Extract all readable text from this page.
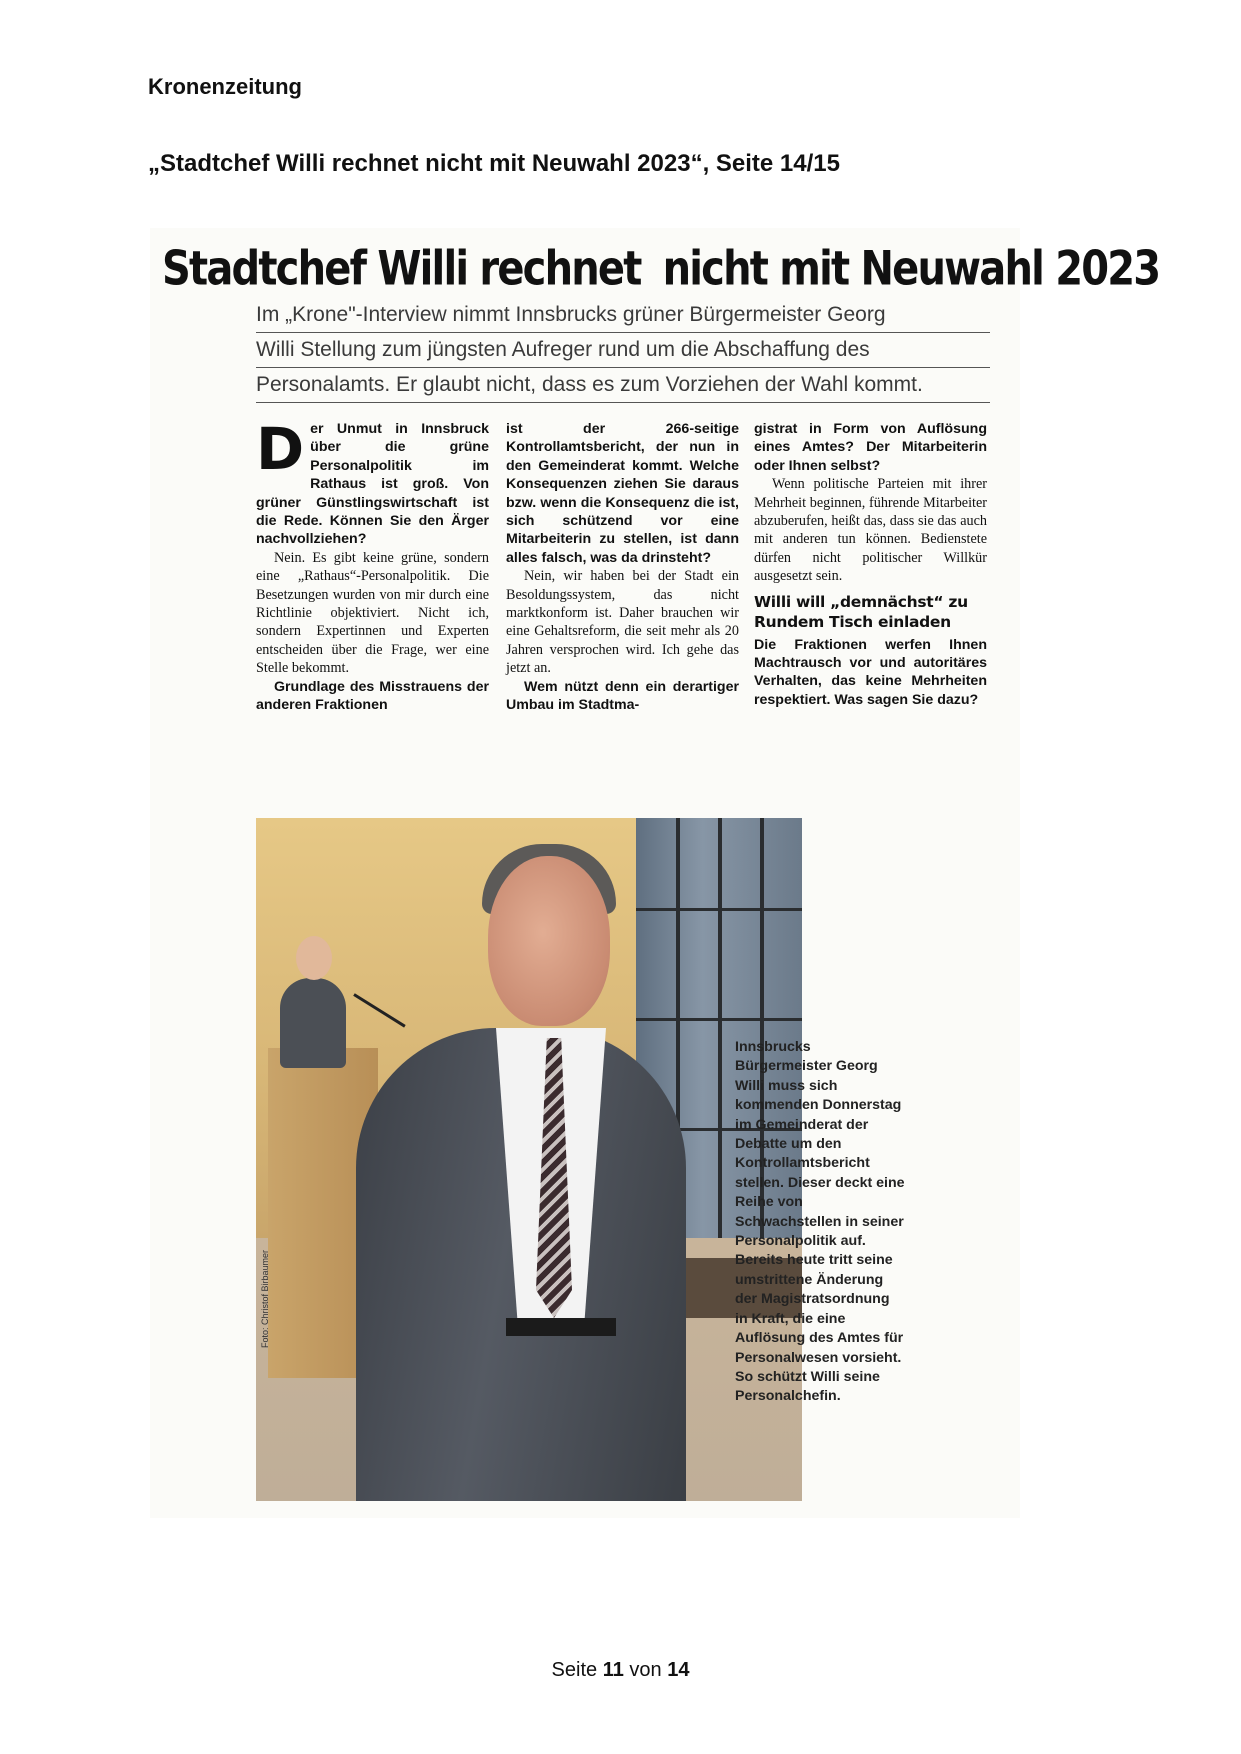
Kronenzeitung
„Stadtchef Willi rechnet nicht mit Neuwahl 2023“, Seite 14/15
Stadtchef Willi rechnet nicht mit Neuwahl 2023
Im „Krone"-Interview nimmt Innsbrucks grüner Bürgermeister Georg
Willi Stellung zum jüngsten Aufreger rund um die Abschaffung des
Personalamts. Er glaubt nicht, dass es zum Vorziehen der Wahl kommt.
D er Unmut in Innsbruck über die grüne Personalpolitik im Rathaus ist groß. Von grüner Günstlingswirtschaft ist die Rede. Können Sie den Ärger nachvollziehen?

Nein. Es gibt keine grüne, sondern eine „Rathaus“-Personalpolitik. Die Besetzungen wurden von mir durch eine Richtlinie objektiviert. Nicht ich, sondern Expertinnen und Experten entscheiden über die Frage, wer eine Stelle bekommt.

Grundlage des Misstrauens der anderen Fraktionen

ist der 266-seitige Kontrollamtsbericht, der nun in den Gemeinderat kommt. Welche Konsequenzen ziehen Sie daraus bzw. wenn die Konsequenz die ist, sich schützend vor eine Mitarbeiterin zu stellen, ist dann alles falsch, was da drinsteht?

Nein, wir haben bei der Stadt ein Besoldungssystem, das nicht marktkonform ist. Daher brauchen wir eine Gehaltsreform, die seit mehr als 20 Jahren versprochen wird. Ich gehe das jetzt an.

Wem nützt denn ein derartiger Umbau im Stadtma-

gistrat in Form von Auflösung eines Amtes? Der Mitarbeiterin oder Ihnen selbst?

Wenn politische Parteien mit ihrer Mehrheit beginnen, führende Mitarbeiter abzuberufen, heißt das, dass sie das auch mit anderen tun können. Bedienstete dürfen nicht politischer Willkür ausgesetzt sein.

Willi will „demnächst“ zu Rundem Tisch einladen

Die Fraktionen werfen Ihnen Machtrausch vor und autoritäres Verhalten, das keine Mehrheiten respektiert. Was sagen Sie dazu?

Foto: Christof Birbaumer
Innsbrucks Bürgermeister Georg Willi muss sich kommenden Donnerstag im Gemeinderat der Debatte um den Kontrollamtsbericht stellen. Dieser deckt eine Reihe von Schwachstellen in seiner Personalpolitik auf. Bereits heute tritt seine umstrittene Änderung der Magistratsordnung in Kraft, die eine Auflösung des Amtes für Personalwesen vorsieht. So schützt Willi seine Personalchefin.
Seite 11 von 14
